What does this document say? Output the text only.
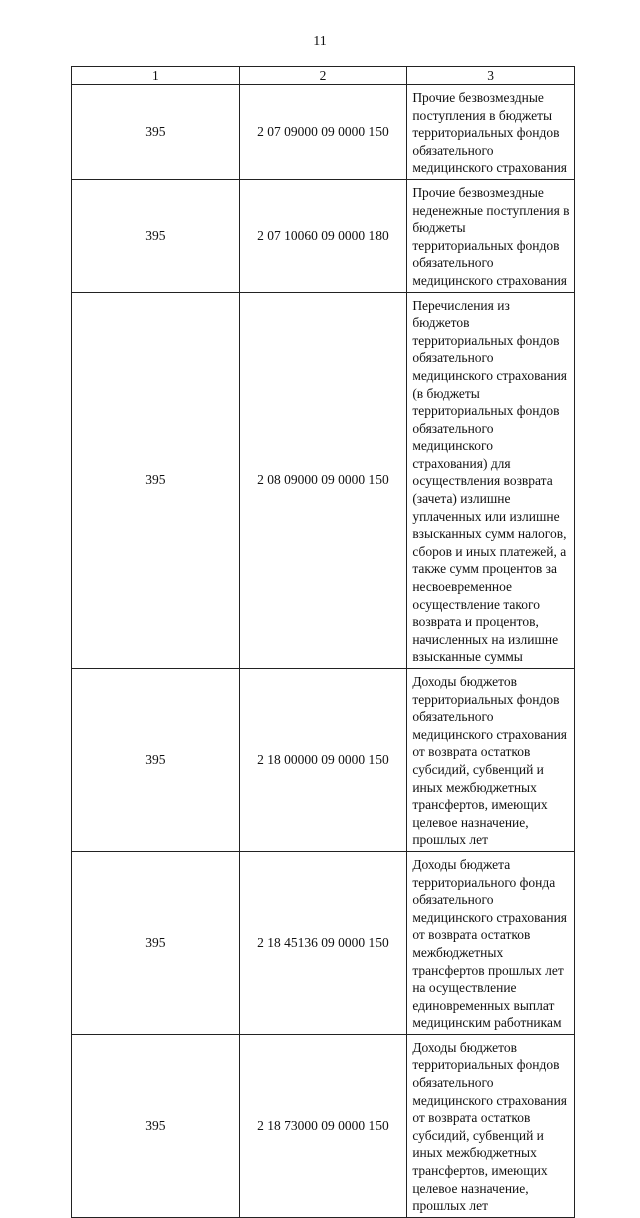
11
1	2	3
395	2 07 09000 09 0000 150	Прочие безвозмездные поступления в бюджеты территориальных фондов обязательного медицинского страхования
395	2 07 10060 09 0000 180	Прочие безвозмездные неденежные поступления в бюджеты территориальных фондов обязательного медицинского страхования
395	2 08 09000 09 0000 150	Перечисления из бюджетов территориальных фондов обязательного медицинского страхования (в бюджеты территориальных фондов обязательного медицинского страхования) для осуществления возврата (зачета) излишне уплаченных или излишне взысканных сумм налогов, сборов и иных платежей, а также сумм процентов за несвоевременное осуществление такого возврата и процентов, начисленных на излишне взысканные суммы
395	2 18 00000 09 0000 150	Доходы бюджетов территориальных фондов обязательного медицинского страхования от возврата остатков субсидий, субвенций и иных межбюджетных трансфертов, имеющих целевое назначение, прошлых лет
395	2 18 45136 09 0000 150	Доходы бюджета территориального фонда обязательного медицинского страхования от возврата остатков межбюджетных трансфертов прошлых лет на осуществление единовременных выплат медицинским работникам
395	2 18 73000 09 0000 150	Доходы бюджетов территориальных фондов обязательного медицинского страхования от возврата остатков субсидий, субвенций и иных межбюджетных трансфертов, имеющих целевое назначение, прошлых лет
